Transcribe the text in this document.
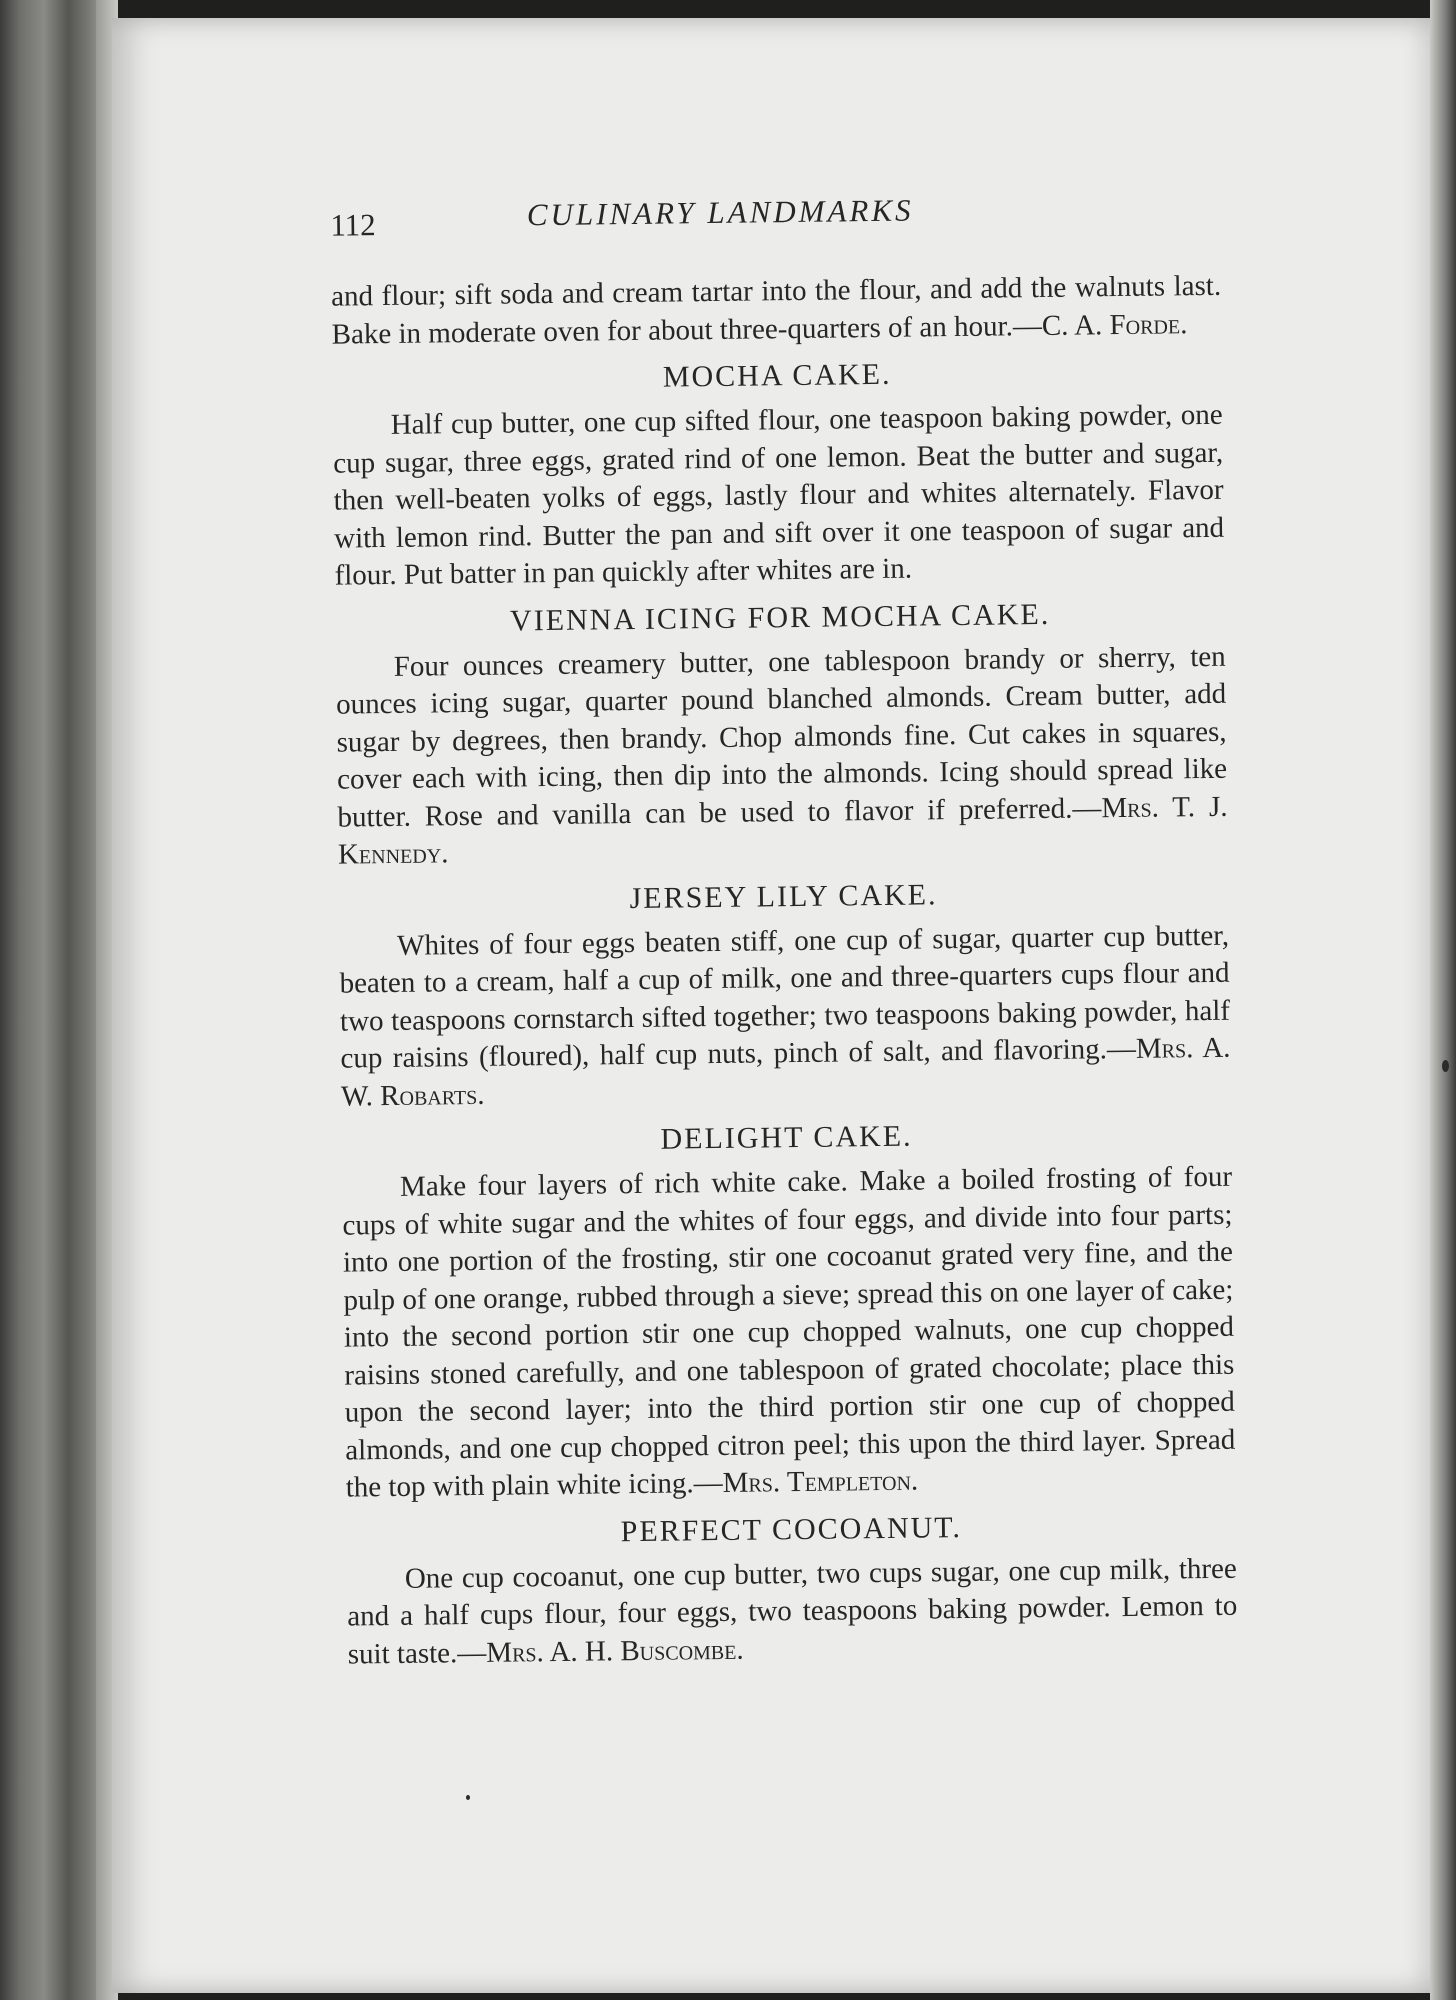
112	CULINARY LANDMARKS

and flour; sift soda and cream tartar into the flour, and add the walnuts last. Bake in moderate oven for about three-quarters of an hour.—C. A. Forde.

MOCHA CAKE.

Half cup butter, one cup sifted flour, one teaspoon baking powder, one cup sugar, three eggs, grated rind of one lemon. Beat the butter and sugar, then well-beaten yolks of eggs, lastly flour and whites alternately. Flavor with lemon rind. Butter the pan and sift over it one teaspoon of sugar and flour. Put batter in pan quickly after whites are in.

VIENNA ICING FOR MOCHA CAKE.

Four ounces creamery butter, one tablespoon brandy or sherry, ten ounces icing sugar, quarter pound blanched almonds. Cream butter, add sugar by degrees, then brandy. Chop almonds fine. Cut cakes in squares, cover each with icing, then dip into the almonds. Icing should spread like butter. Rose and vanilla can be used to flavor if preferred.—Mrs. T. J. Kennedy.

JERSEY LILY CAKE.

Whites of four eggs beaten stiff, one cup of sugar, quarter cup butter, beaten to a cream, half a cup of milk, one and three-quarters cups flour and two teaspoons cornstarch sifted together; two teaspoons baking powder, half cup raisins (floured), half cup nuts, pinch of salt, and flavoring.—Mrs. A. W. Robarts.

DELIGHT CAKE.

Make four layers of rich white cake. Make a boiled frosting of four cups of white sugar and the whites of four eggs, and divide into four parts; into one portion of the frosting, stir one cocoanut grated very fine, and the pulp of one orange, rubbed through a sieve; spread this on one layer of cake; into the second portion stir one cup chopped walnuts, one cup chopped raisins stoned carefully, and one tablespoon of grated chocolate; place this upon the second layer; into the third portion stir one cup of chopped almonds, and one cup chopped citron peel; this upon the third layer. Spread the top with plain white icing.—Mrs. Templeton.

PERFECT COCOANUT.

One cup cocoanut, one cup butter, two cups sugar, one cup milk, three and a half cups flour, four eggs, two teaspoons baking powder. Lemon to suit taste.—Mrs. A. H. Buscombe.
